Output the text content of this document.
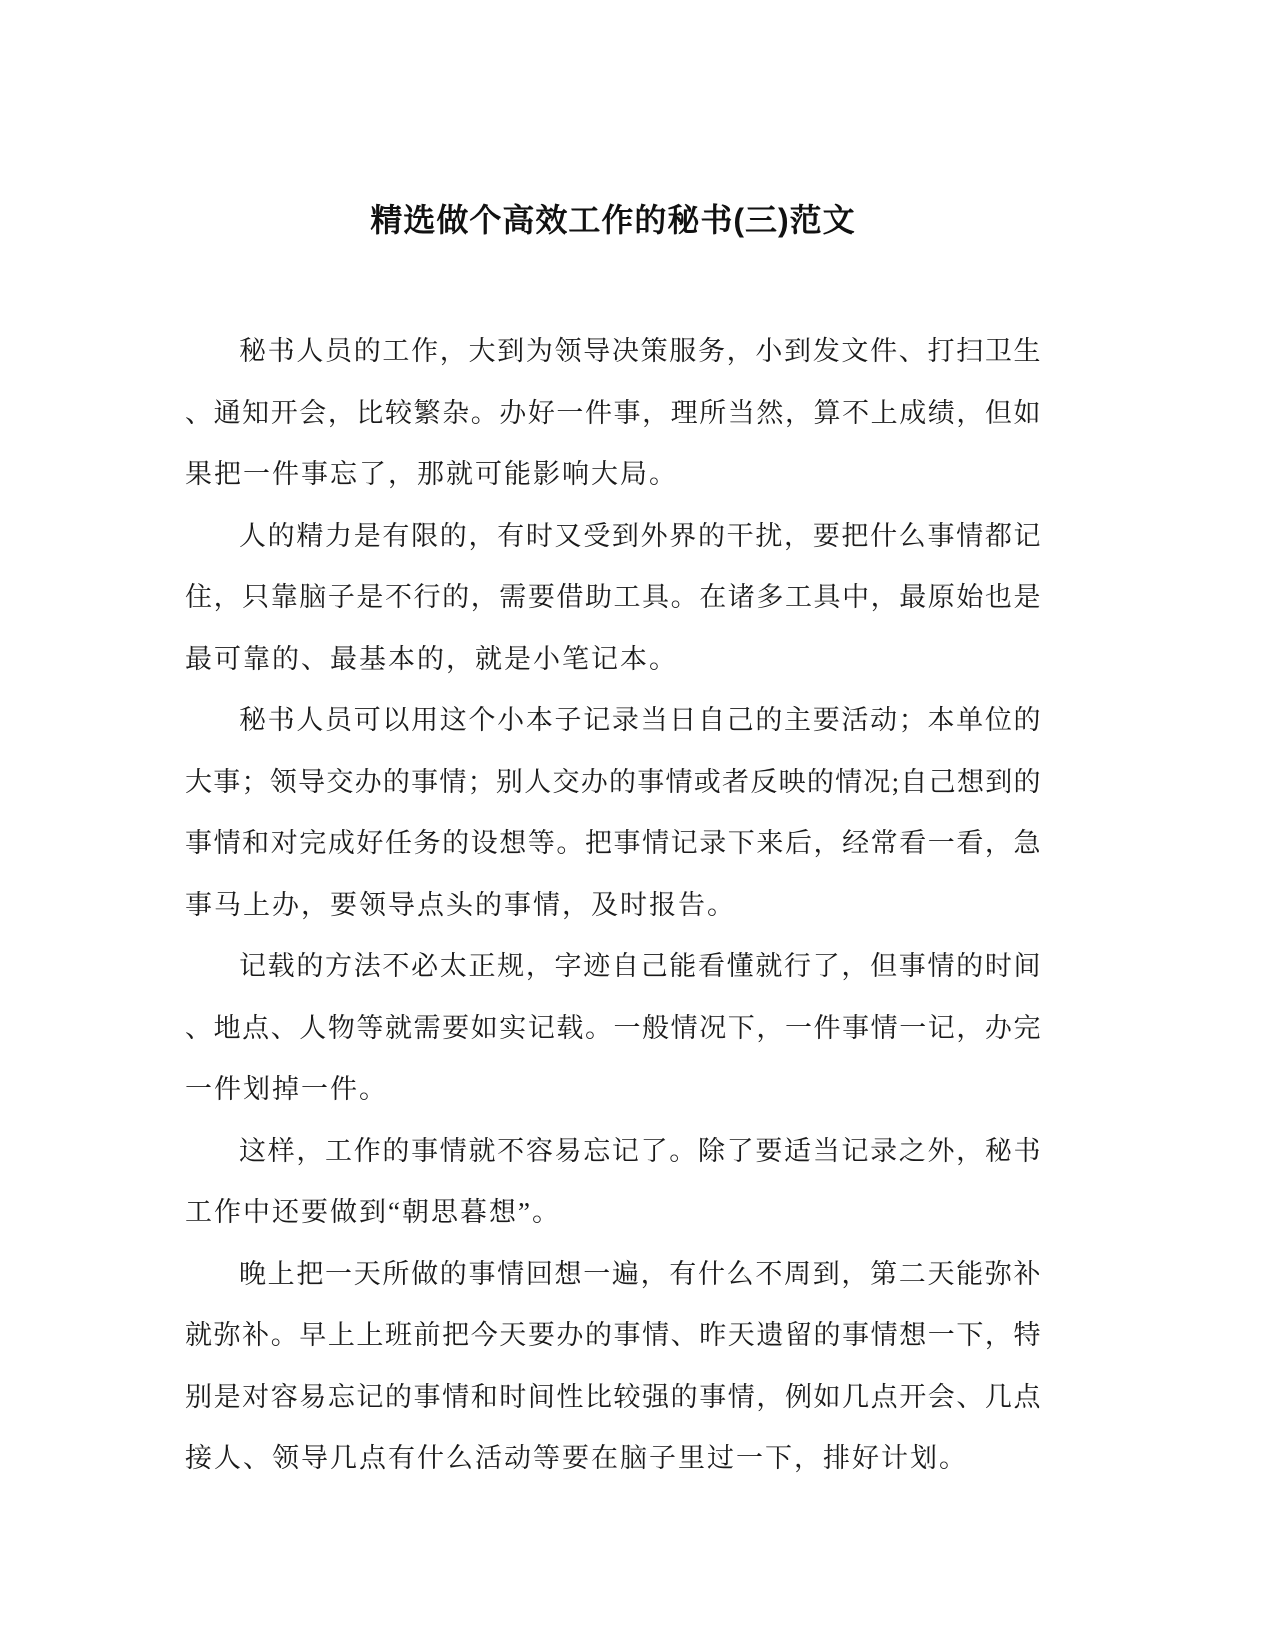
精选做个高效工作的秘书(三)范文
秘书人员的工作，大到为领导决策服务，小到发文件、打扫卫生
、通知开会，比较繁杂。办好一件事，理所当然，算不上成绩，但如
果把一件事忘了，那就可能影响大局。
人的精力是有限的，有时又受到外界的干扰，要把什么事情都记
住，只靠脑子是不行的，需要借助工具。在诸多工具中，最原始也是
最可靠的、最基本的，就是小笔记本。
秘书人员可以用这个小本子记录当日自己的主要活动；本单位的
大事；领导交办的事情；别人交办的事情或者反映的情况;自己想到的
事情和对完成好任务的设想等。把事情记录下来后，经常看一看，急
事马上办，要领导点头的事情，及时报告。
记载的方法不必太正规，字迹自己能看懂就行了，但事情的时间
、地点、人物等就需要如实记载。一般情况下，一件事情一记，办完
一件划掉一件。
这样，工作的事情就不容易忘记了。除了要适当记录之外，秘书
工作中还要做到“朝思暮想”。
晚上把一天所做的事情回想一遍，有什么不周到，第二天能弥补
就弥补。早上上班前把今天要办的事情、昨天遗留的事情想一下，特
别是对容易忘记的事情和时间性比较强的事情，例如几点开会、几点
接人、领导几点有什么活动等要在脑子里过一下，排好计划。
